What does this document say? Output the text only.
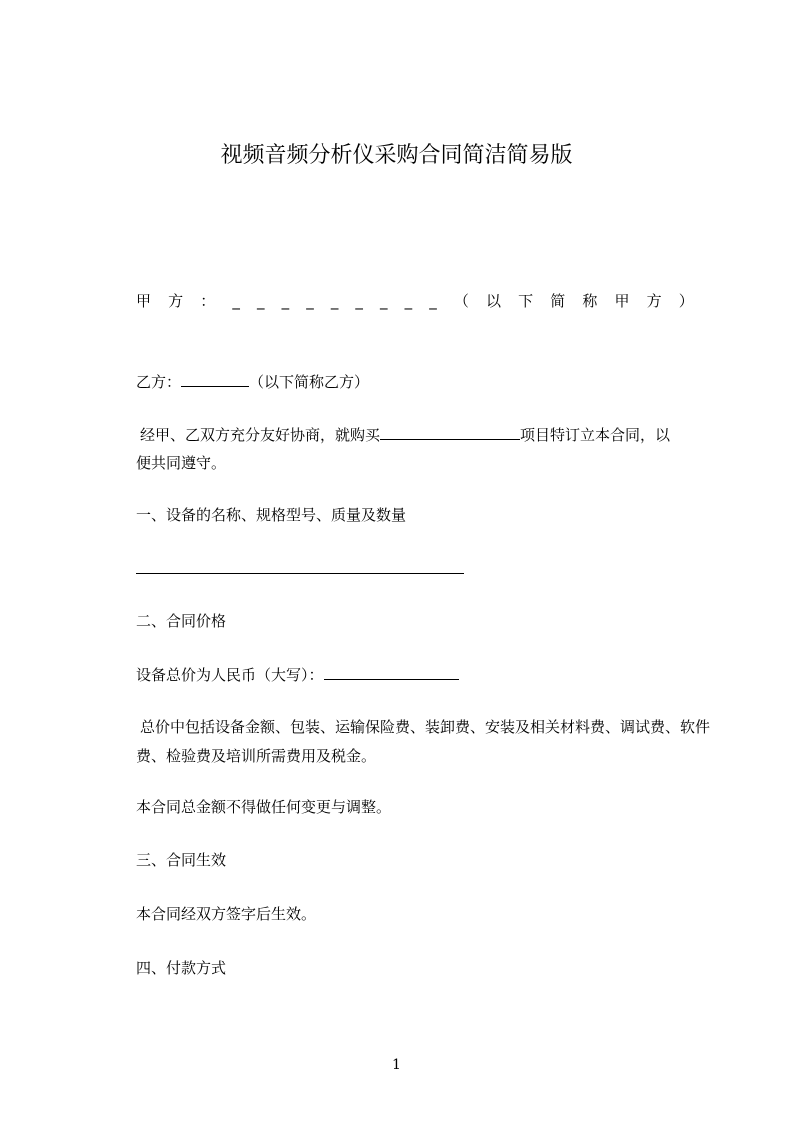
视频音频分析仪采购合同简洁简易版
甲 方 ： _ _ _ _ _ _ _ _ _ （ 以 下 简 称 甲 方 ）

乙方：	（以下简称乙方）

经甲、乙双方充分友好协商，就购买	项目特订立本合同，以

便共同遵守。

一、设备的名称、规格型号、质量及数量

二、合同价格

设备总价为人民币（大写）：

总价中包括设备金额、包装、运输保险费、装卸费、安装及相关材料费、调试费、软件费、检验费及培训所需费用及税金。

本合同总金额不得做任何变更与调整。

三、合同生效

本合同经双方签字后生效。

四、付款方式

1
